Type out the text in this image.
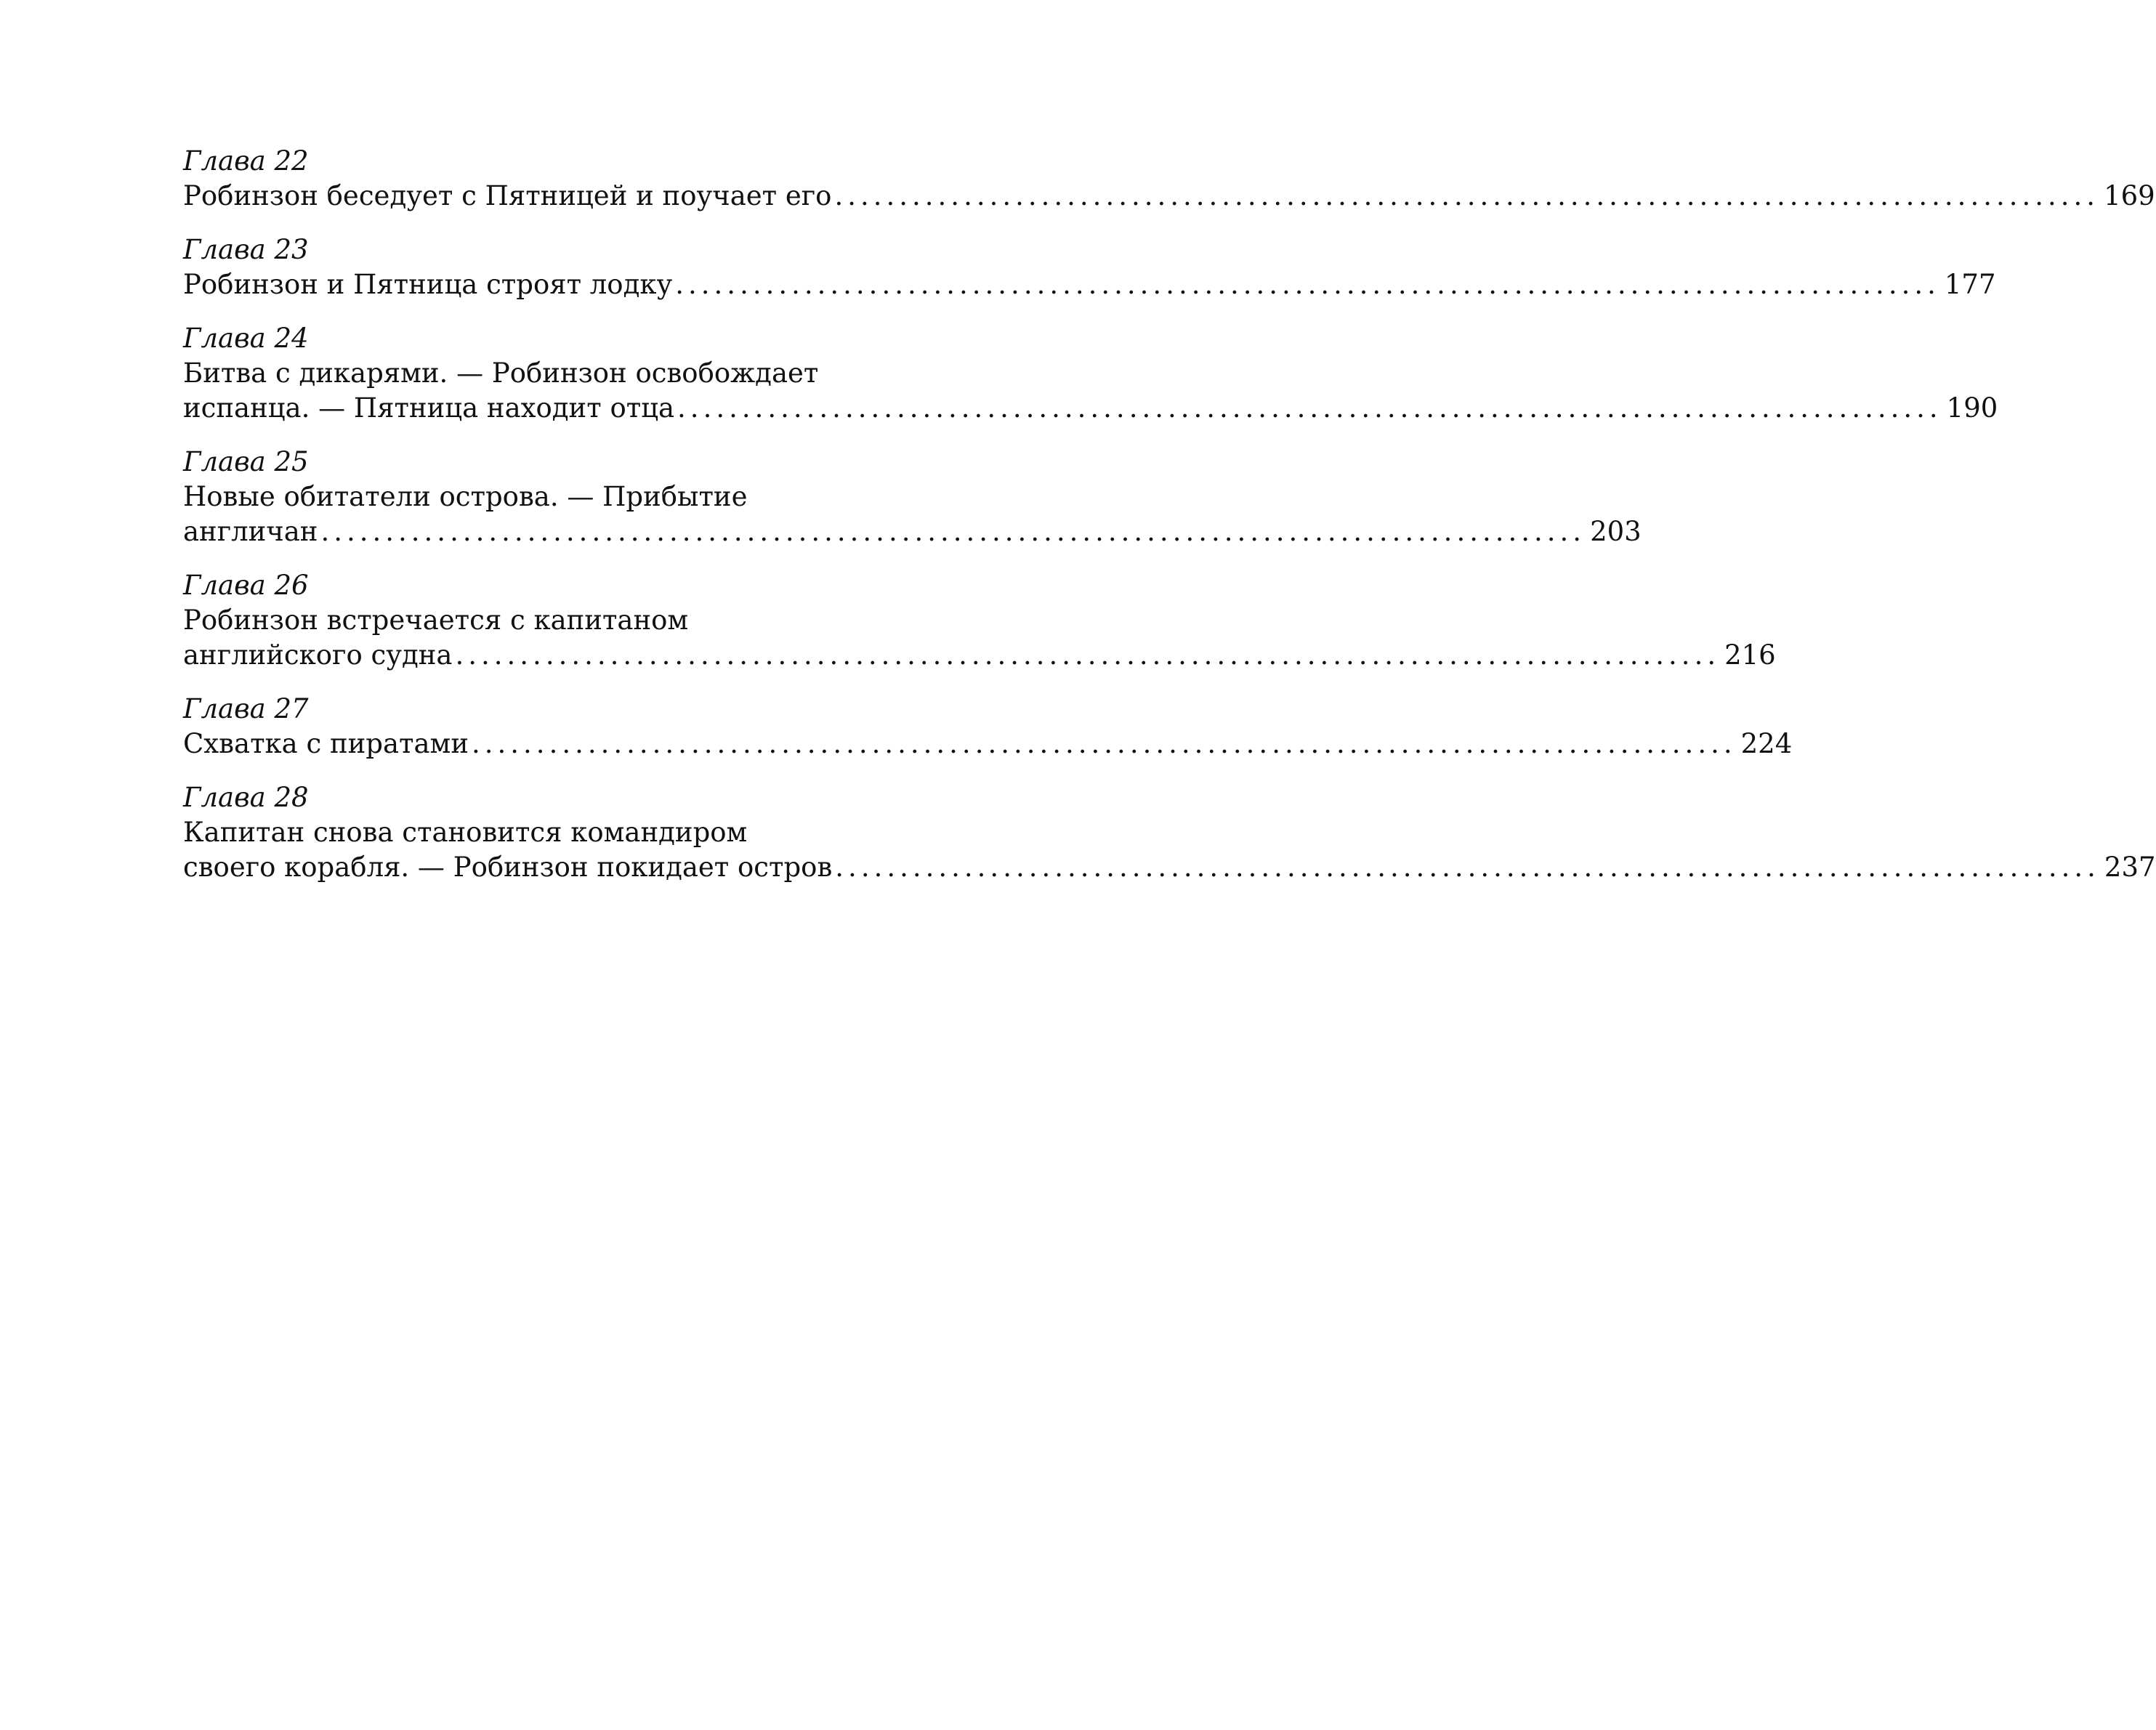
Глава 22
Робинзон беседует с Пятницей и поучает его .................................................................................................. 169
Глава 23
Робинзон и Пятница строят лодку .................................................................................................. 177
Глава 24
Битва с дикарями. — Робинзон освобождает
испанца. — Пятница находит отца .................................................................................................. 190
Глава 25
Новые обитатели острова. — Прибытие
англичан .................................................................................................. 203
Глава 26
Робинзон встречается с капитаном
английского судна .................................................................................................. 216
Глава 27
Схватка с пиратами .................................................................................................. 224
Глава 28
Капитан снова становится командиром
своего корабля. — Робинзон покидает остров .................................................................................................. 237
